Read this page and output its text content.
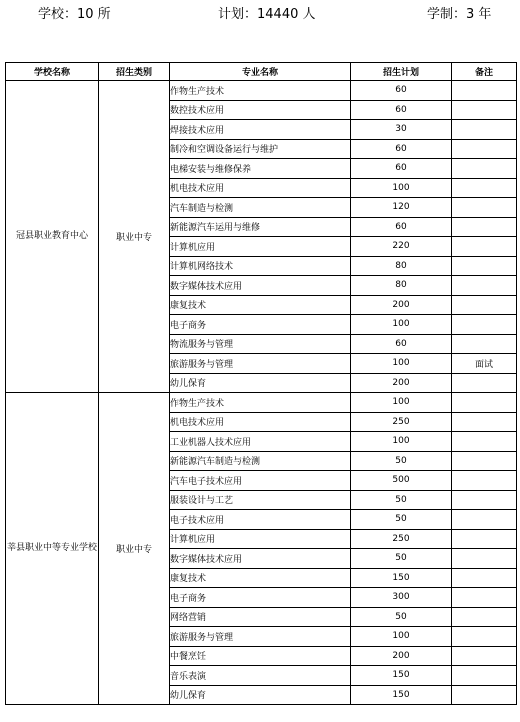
学校：10 所	计划：14440 人	学制：3 年
学校名称	招生类别	专业名称	招生计划	备注
冠县职业教育中心	职业中专	作物生产技术	60	
		数控技术应用	60	
		焊接技术应用	30	
		制冷和空调设备运行与维护	60	
		电梯安装与维修保养	60	
		机电技术应用	100	
		汽车制造与检测	120	
		新能源汽车运用与维修	60	
		计算机应用	220	
		计算机网络技术	80	
		数字媒体技术应用	80	
		康复技术	200	
		电子商务	100	
		物流服务与管理	60	
		旅游服务与管理	100	面试
		幼儿保育	200	
莘县职业中等专业学校	职业中专	作物生产技术	100	
		机电技术应用	250	
		工业机器人技术应用	100	
		新能源汽车制造与检测	50	
		汽车电子技术应用	500	
		服装设计与工艺	50	
		电子技术应用	50	
		计算机应用	250	
		数字媒体技术应用	50	
		康复技术	150	
		电子商务	300	
		网络营销	50	
		旅游服务与管理	100	
		中餐烹饪	200	
		音乐表演	150	
		幼儿保育	150	
